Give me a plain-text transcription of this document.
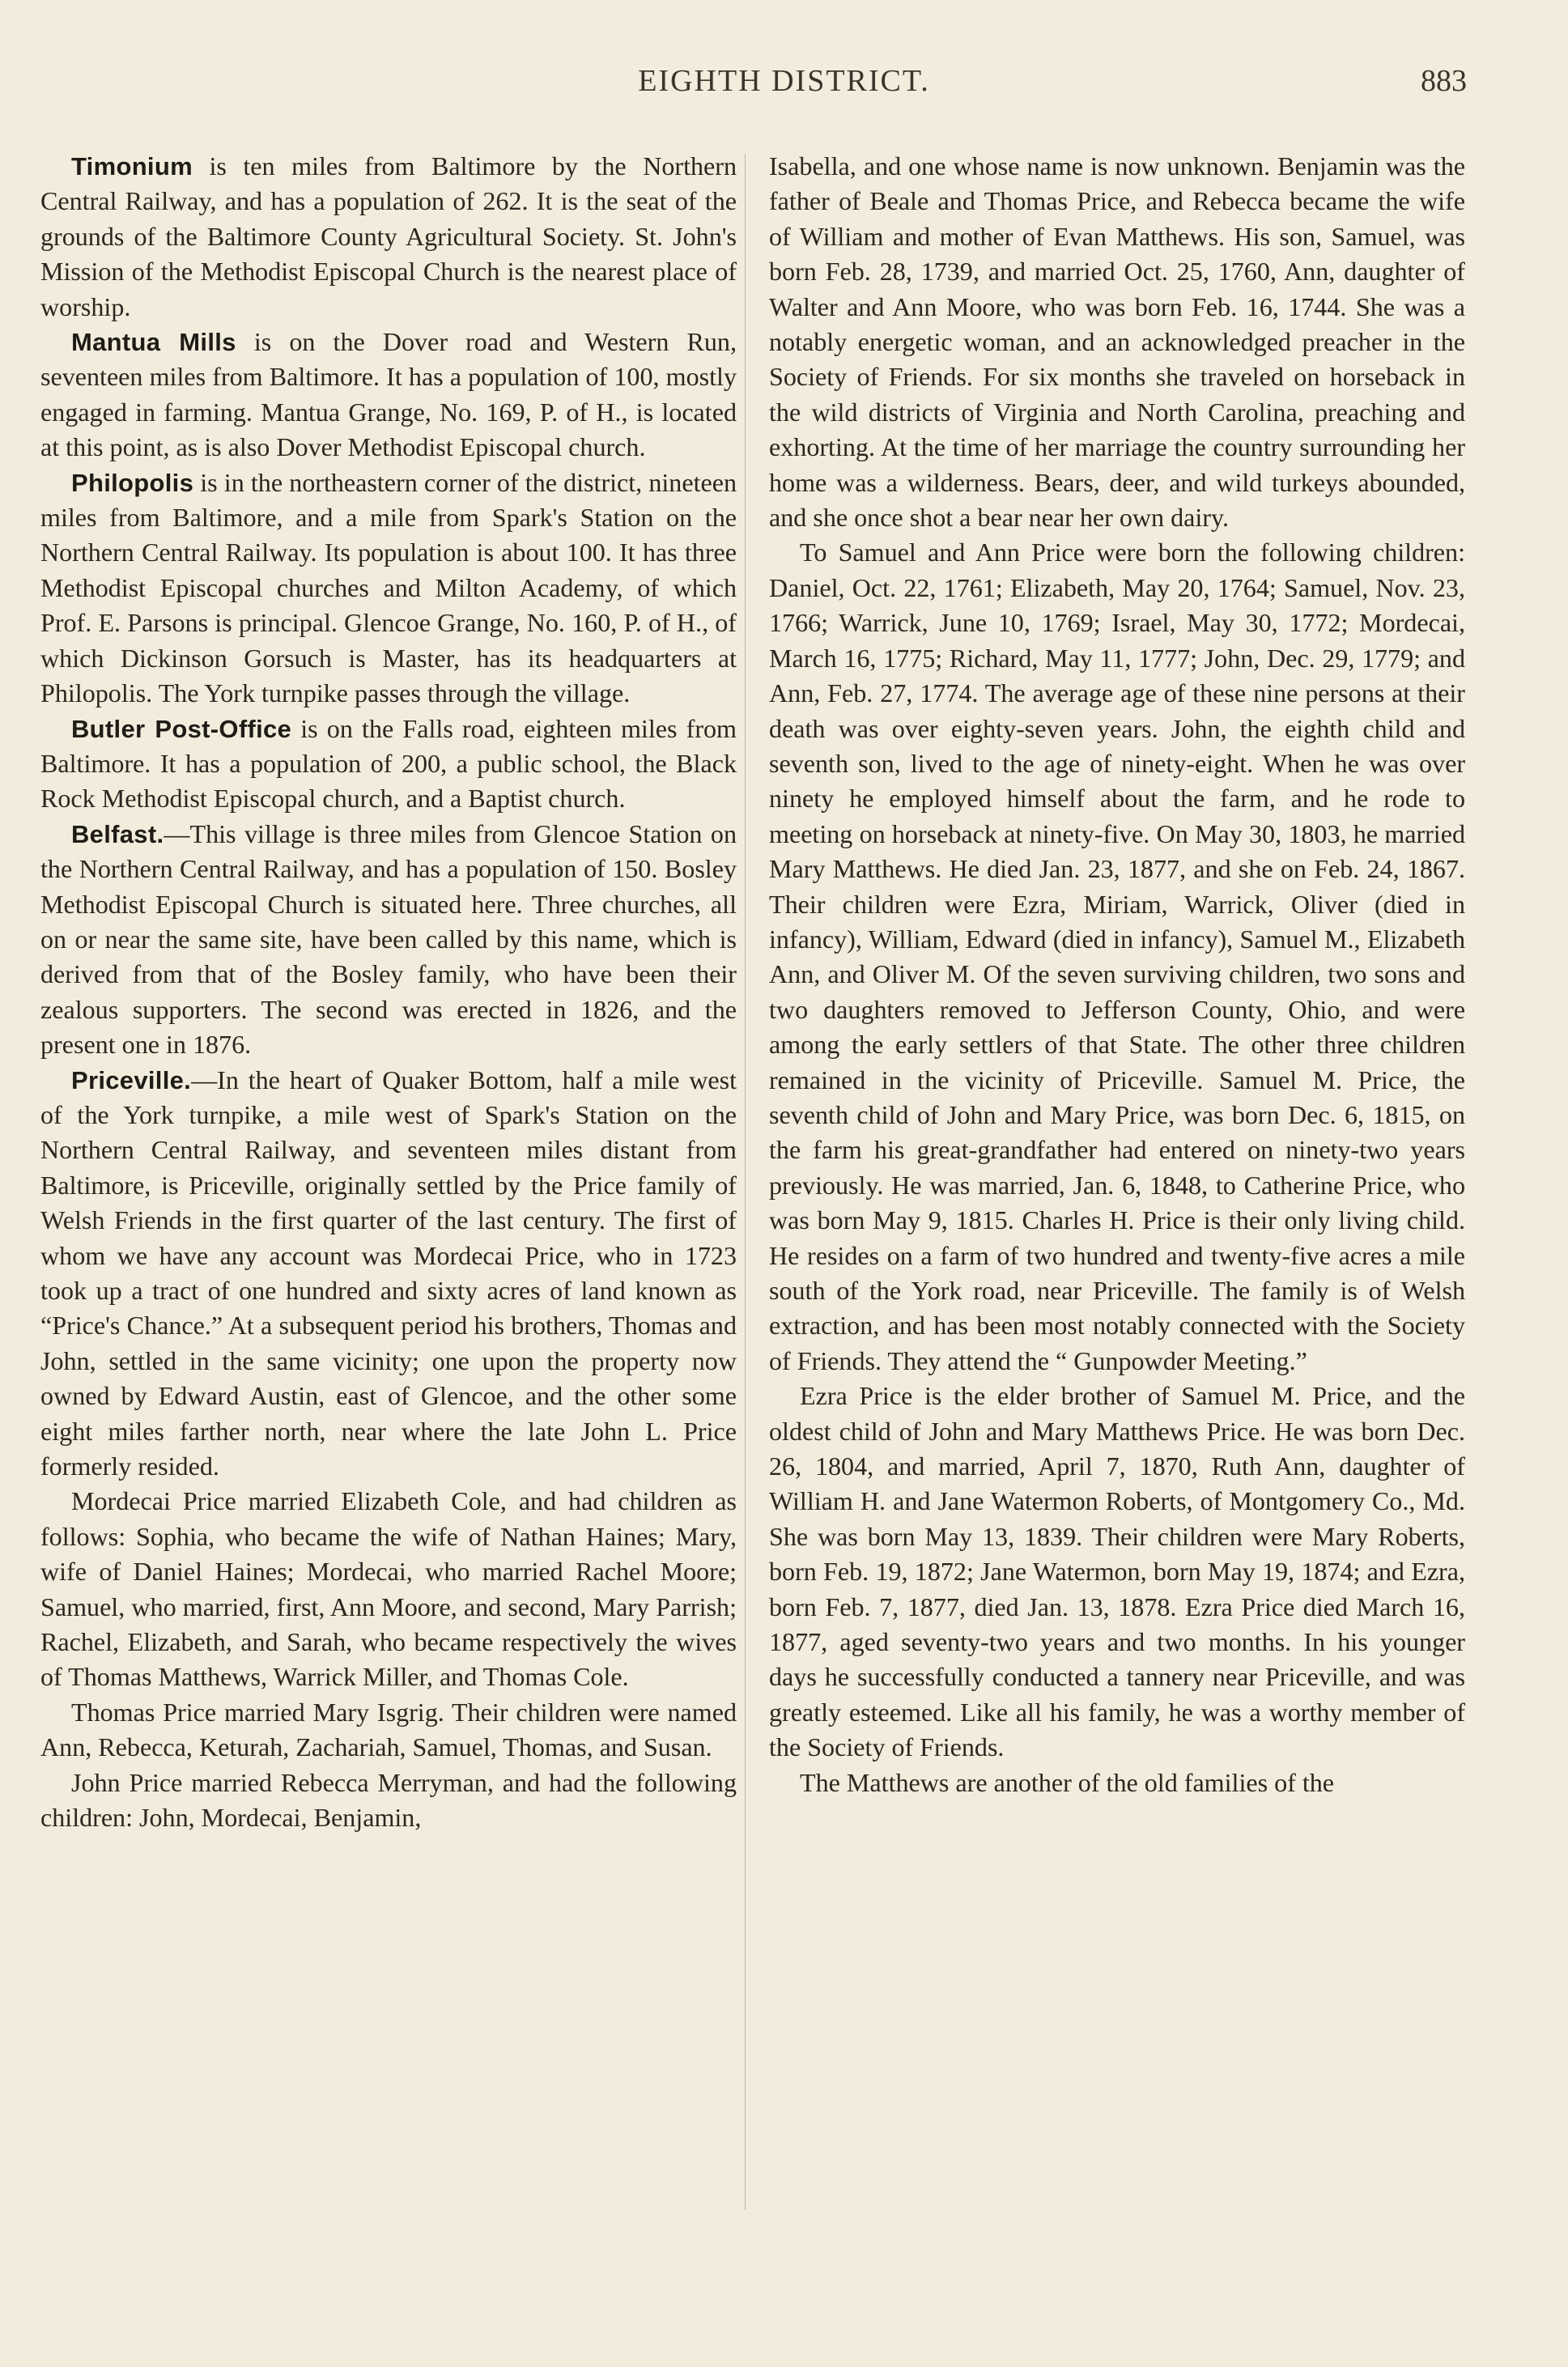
EIGHTH DISTRICT.	883

Timonium is ten miles from Baltimore by the Northern Central Railway, and has a population of 262. It is the seat of the grounds of the Baltimore County Agricultural Society. St. John's Mission of the Methodist Episcopal Church is the nearest place of worship.

Mantua Mills is on the Dover road and Western Run, seventeen miles from Baltimore. It has a population of 100, mostly engaged in farming. Mantua Grange, No. 169, P. of H., is located at this point, as is also Dover Methodist Episcopal church.

Philopolis is in the northeastern corner of the district, nineteen miles from Baltimore, and a mile from Spark's Station on the Northern Central Railway. Its population is about 100. It has three Methodist Episcopal churches and Milton Academy, of which Prof. E. Parsons is principal. Glencoe Grange, No. 160, P. of H., of which Dickinson Gorsuch is Master, has its headquarters at Philopolis. The York turnpike passes through the village.

Butler Post-Office is on the Falls road, eighteen miles from Baltimore. It has a population of 200, a public school, the Black Rock Methodist Episcopal church, and a Baptist church.

Belfast.—This village is three miles from Glencoe Station on the Northern Central Railway, and has a population of 150. Bosley Methodist Episcopal Church is situated here. Three churches, all on or near the same site, have been called by this name, which is derived from that of the Bosley family, who have been their zealous supporters. The second was erected in 1826, and the present one in 1876.

Priceville.—In the heart of Quaker Bottom, half a mile west of the York turnpike, a mile west of Spark's Station on the Northern Central Railway, and seventeen miles distant from Baltimore, is Priceville, originally settled by the Price family of Welsh Friends in the first quarter of the last century. The first of whom we have any account was Mordecai Price, who in 1723 took up a tract of one hundred and sixty acres of land known as “Price's Chance.” At a subsequent period his brothers, Thomas and John, settled in the same vicinity; one upon the property now owned by Edward Austin, east of Glencoe, and the other some eight miles farther north, near where the late John L. Price formerly resided.

Mordecai Price married Elizabeth Cole, and had children as follows: Sophia, who became the wife of Nathan Haines; Mary, wife of Daniel Haines; Mordecai, who married Rachel Moore; Samuel, who married, first, Ann Moore, and second, Mary Parrish; Rachel, Elizabeth, and Sarah, who became respectively the wives of Thomas Matthews, Warrick Miller, and Thomas Cole.

Thomas Price married Mary Isgrig. Their children were named Ann, Rebecca, Keturah, Zachariah, Samuel, Thomas, and Susan.

John Price married Rebecca Merryman, and had the following children: John, Mordecai, Benjamin,

Isabella, and one whose name is now unknown. Benjamin was the father of Beale and Thomas Price, and Rebecca became the wife of William and mother of Evan Matthews. His son, Samuel, was born Feb. 28, 1739, and married Oct. 25, 1760, Ann, daughter of Walter and Ann Moore, who was born Feb. 16, 1744. She was a notably energetic woman, and an acknowledged preacher in the Society of Friends. For six months she traveled on horseback in the wild districts of Virginia and North Carolina, preaching and exhorting. At the time of her marriage the country surrounding her home was a wilderness. Bears, deer, and wild turkeys abounded, and she once shot a bear near her own dairy.

To Samuel and Ann Price were born the following children: Daniel, Oct. 22, 1761; Elizabeth, May 20, 1764; Samuel, Nov. 23, 1766; Warrick, June 10, 1769; Israel, May 30, 1772; Mordecai, March 16, 1775; Richard, May 11, 1777; John, Dec. 29, 1779; and Ann, Feb. 27, 1774. The average age of these nine persons at their death was over eighty-seven years. John, the eighth child and seventh son, lived to the age of ninety-eight. When he was over ninety he employed himself about the farm, and he rode to meeting on horseback at ninety-five. On May 30, 1803, he married Mary Matthews. He died Jan. 23, 1877, and she on Feb. 24, 1867. Their children were Ezra, Miriam, Warrick, Oliver (died in infancy), William, Edward (died in infancy), Samuel M., Elizabeth Ann, and Oliver M. Of the seven surviving children, two sons and two daughters removed to Jefferson County, Ohio, and were among the early settlers of that State. The other three children remained in the vicinity of Priceville. Samuel M. Price, the seventh child of John and Mary Price, was born Dec. 6, 1815, on the farm his great-grandfather had entered on ninety-two years previously. He was married, Jan. 6, 1848, to Catherine Price, who was born May 9, 1815. Charles H. Price is their only living child. He resides on a farm of two hundred and twenty-five acres a mile south of the York road, near Priceville. The family is of Welsh extraction, and has been most notably connected with the Society of Friends. They attend the “ Gunpowder Meeting.”

Ezra Price is the elder brother of Samuel M. Price, and the oldest child of John and Mary Matthews Price. He was born Dec. 26, 1804, and married, April 7, 1870, Ruth Ann, daughter of William H. and Jane Watermon Roberts, of Montgomery Co., Md. She was born May 13, 1839. Their children were Mary Roberts, born Feb. 19, 1872; Jane Watermon, born May 19, 1874; and Ezra, born Feb. 7, 1877, died Jan. 13, 1878. Ezra Price died March 16, 1877, aged seventy-two years and two months. In his younger days he successfully conducted a tannery near Priceville, and was greatly esteemed. Like all his family, he was a worthy member of the Society of Friends.

The Matthews are another of the old families of the
